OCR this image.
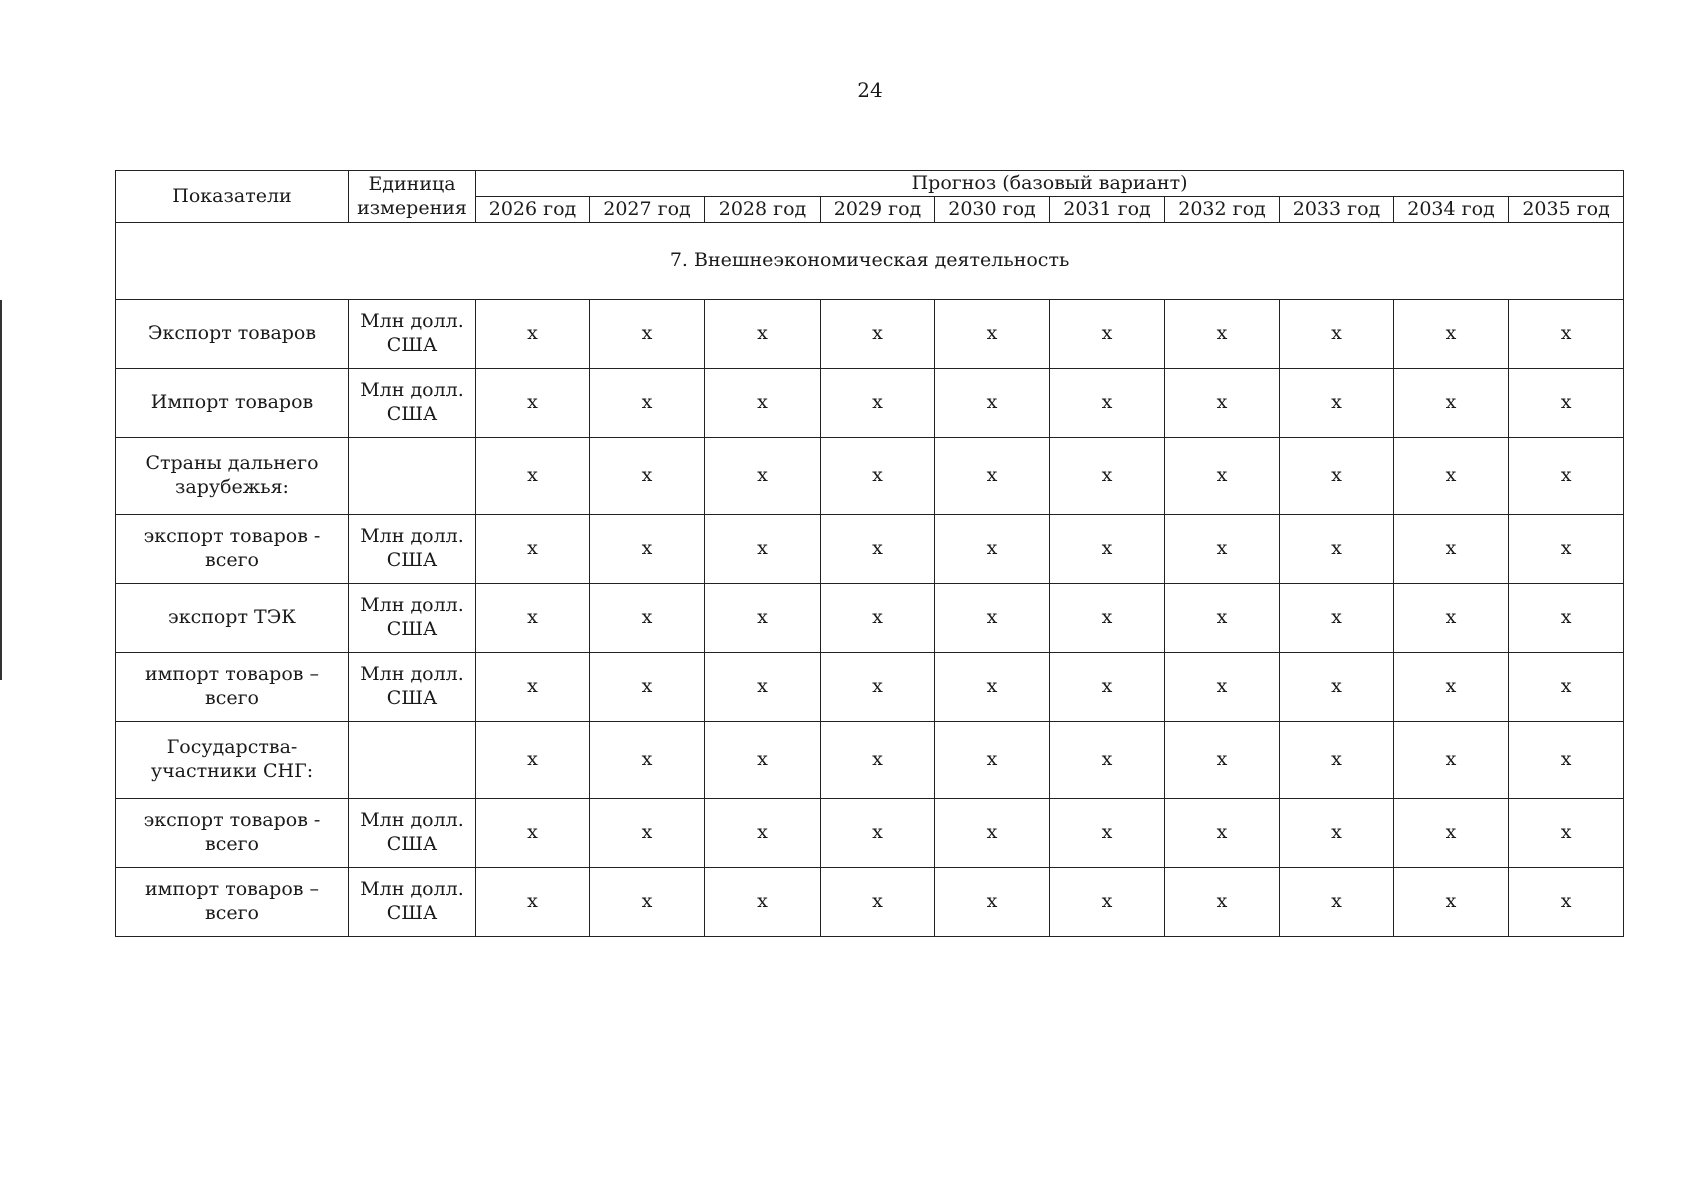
24
Показатели	Единица измерения	Прогноз (базовый вариант)									
		2026 год	2027 год	2028 год	2029 год	2030 год	2031 год	2032 год	2033 год	2034 год	2035 год
7. Внешнеэкономическая деятельность											
Экспорт товаров	Млн долл. США	x	x	x	x	x	x	x	x	x	x
Импорт товаров	Млн долл. США	x	x	x	x	x	x	x	x	x	x
Страны дальнего зарубежья:		x	x	x	x	x	x	x	x	x	x
экспорт товаров - всего	Млн долл. США	x	x	x	x	x	x	x	x	x	x
экспорт ТЭК	Млн долл. США	x	x	x	x	x	x	x	x	x	x
импорт товаров – всего	Млн долл. США	x	x	x	x	x	x	x	x	x	x
Государства-участники СНГ:		x	x	x	x	x	x	x	x	x	x
экспорт товаров - всего	Млн долл. США	x	x	x	x	x	x	x	x	x	x
импорт товаров – всего	Млн долл. США	x	x	x	x	x	x	x	x	x	x
